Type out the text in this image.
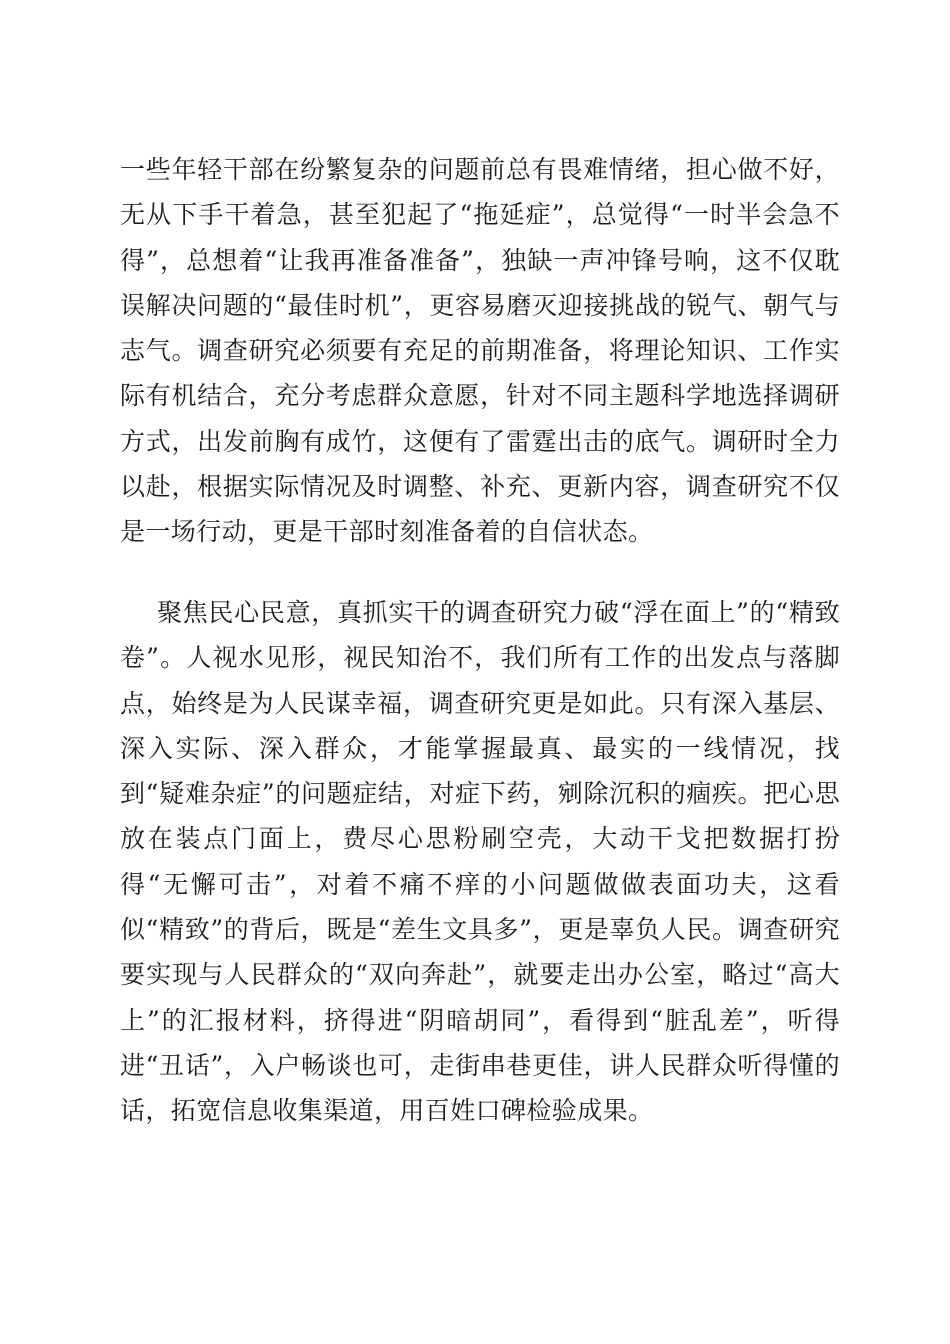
一些年轻干部在纷繁复杂的问题前总有畏难情绪，担心做不好，无从下手干着急，甚至犯起了“拖延症”，总觉得“一时半会急不得”，总想着“让我再准备准备”，独缺一声冲锋号响，这不仅耽误解决问题的“最佳时机”，更容易磨灭迎接挑战的锐气、朝气与志气。调查研究必须要有充足的前期准备，将理论知识、工作实际有机结合，充分考虑群众意愿，针对不同主题科学地选择调研方式，出发前胸有成竹，这便有了雷霆出击的底气。调研时全力以赴，根据实际情况及时调整、补充、更新内容，调查研究不仅是一场行动，更是干部时刻准备着的自信状态。

聚焦民心民意，真抓实干的调查研究力破“浮在面上”的“精致卷”。人视水见形，视民知治不，我们所有工作的出发点与落脚点，始终是为人民谋幸福，调查研究更是如此。只有深入基层、深入实际、深入群众，才能掌握最真、最实的一线情况，找到“疑难杂症”的问题症结，对症下药，剜除沉积的痼疾。把心思放在装点门面上，费尽心思粉刷空壳，大动干戈把数据打扮得“无懈可击”，对着不痛不痒的小问题做做表面功夫，这看似“精致”的背后，既是“差生文具多”，更是辜负人民。调查研究要实现与人民群众的“双向奔赴”，就要走出办公室，略过“高大上”的汇报材料，挤得进“阴暗胡同”，看得到“脏乱差”，听得进“丑话”，入户畅谈也可，走街串巷更佳，讲人民群众听得懂的话，拓宽信息收集渠道，用百姓口碑检验成果。
